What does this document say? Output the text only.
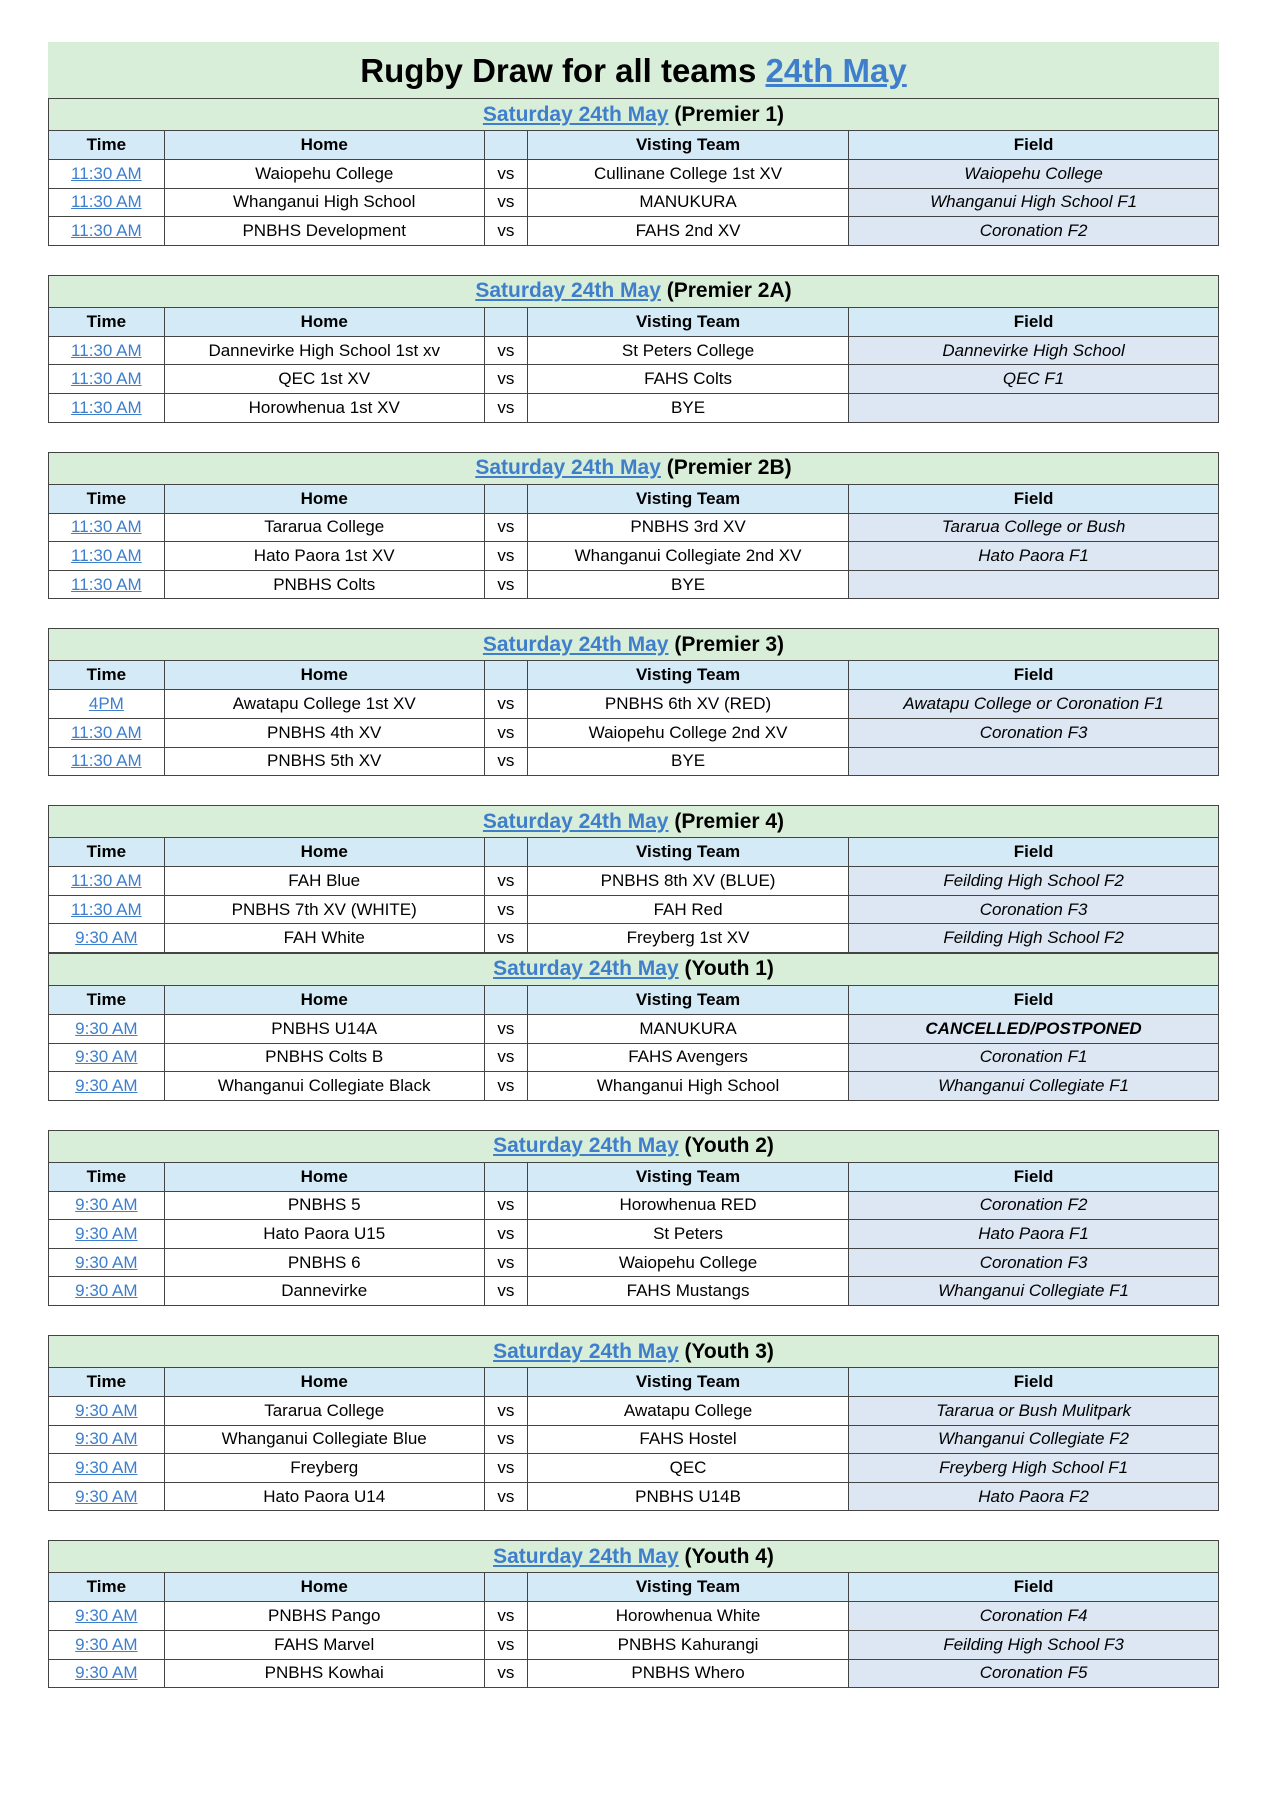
Rugby Draw for all teams 24th May
Saturday 24th May (Premier 1)				
Time	Home		Visting Team	Field
11:30 AM	Waiopehu College	vs	Cullinane College 1st XV	Waiopehu College
11:30 AM	Whanganui High School	vs	MANUKURA	Whanganui High School F1
11:30 AM	PNBHS Development	vs	FAHS 2nd XV	Coronation F2
Saturday 24th May (Premier 2A)				
Time	Home		Visting Team	Field
11:30 AM	Dannevirke High School 1st xv	vs	St Peters College	Dannevirke High School
11:30 AM	QEC 1st XV	vs	FAHS Colts	QEC F1
11:30 AM	Horowhenua 1st XV	vs	BYE	
Saturday 24th May (Premier 2B)				
Time	Home		Visting Team	Field
11:30 AM	Tararua College	vs	PNBHS 3rd XV	Tararua College or Bush
11:30 AM	Hato Paora 1st XV	vs	Whanganui Collegiate 2nd XV	Hato Paora F1
11:30 AM	PNBHS Colts	vs	BYE	
Saturday 24th May (Premier 3)				
Time	Home		Visting Team	Field
4PM	Awatapu College 1st XV	vs	PNBHS 6th XV (RED)	Awatapu College or Coronation F1
11:30 AM	PNBHS 4th XV	vs	Waiopehu College 2nd XV	Coronation F3
11:30 AM	PNBHS 5th XV	vs	BYE	
Saturday 24th May (Premier 4)				
Time	Home		Visting Team	Field
11:30 AM	FAH Blue	vs	PNBHS 8th XV (BLUE)	Feilding High School F2
11:30 AM	PNBHS 7th XV (WHITE)	vs	FAH Red	Coronation F3
9:30 AM	FAH White	vs	Freyberg 1st XV	Feilding High School F2
Saturday 24th May (Youth 1)				
Time	Home		Visting Team	Field
9:30 AM	PNBHS U14A	vs	MANUKURA	CANCELLED/POSTPONED
9:30 AM	PNBHS Colts B	vs	FAHS Avengers	Coronation F1
9:30 AM	Whanganui Collegiate Black	vs	Whanganui High School	Whanganui Collegiate F1
Saturday 24th May (Youth 2)				
Time	Home		Visting Team	Field
9:30 AM	PNBHS 5	vs	Horowhenua RED	Coronation F2
9:30 AM	Hato Paora U15	vs	St Peters	Hato Paora F1
9:30 AM	PNBHS 6	vs	Waiopehu College	Coronation F3
9:30 AM	Dannevirke	vs	FAHS Mustangs	Whanganui Collegiate F1
Saturday 24th May (Youth 3)				
Time	Home		Visting Team	Field
9:30 AM	Tararua College	vs	Awatapu College	Tararua or Bush Mulitpark
9:30 AM	Whanganui Collegiate Blue	vs	FAHS Hostel	Whanganui Collegiate F2
9:30 AM	Freyberg	vs	QEC	Freyberg High School F1
9:30 AM	Hato Paora U14	vs	PNBHS U14B	Hato Paora F2
Saturday 24th May (Youth 4)				
Time	Home		Visting Team	Field
9:30 AM	PNBHS Pango	vs	Horowhenua White	Coronation F4
9:30 AM	FAHS Marvel	vs	PNBHS Kahurangi	Feilding High School F3
9:30 AM	PNBHS Kowhai	vs	PNBHS Whero	Coronation F5
